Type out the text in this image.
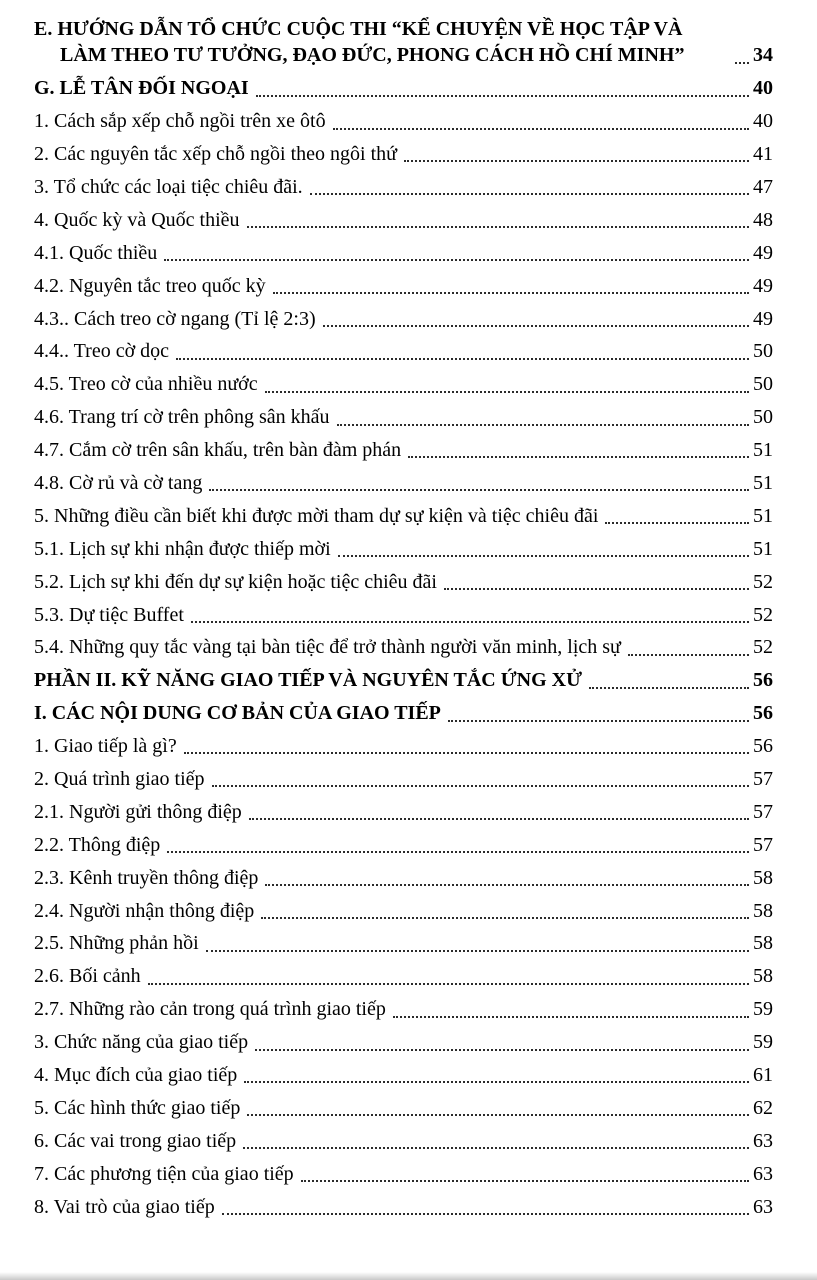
E. HƯỚNG DẪN TỔ CHỨC CUỘC THI “KỂ CHUYỆN VỀ HỌC TẬP VÀ LÀM THEO TƯ TƯỞNG, ĐẠO ĐỨC, PHONG CÁCH HỒ CHÍ MINH”	34
G. LỄ TÂN ĐỐI NGOẠI	40
1. Cách sắp xếp chỗ ngồi trên xe ôtô	40
2. Các nguyên tắc xếp chỗ ngồi theo ngôi thứ	41
3. Tổ chức các loại tiệc chiêu đãi.	47
4. Quốc kỳ và Quốc thiều	48
4.1. Quốc thiều	49
4.2. Nguyên tắc treo quốc kỳ	49
4.3.. Cách treo cờ ngang (Tỉ lệ 2:3)	49
4.4.. Treo cờ dọc	50
4.5. Treo cờ của nhiều nước	50
4.6. Trang trí cờ trên phông sân khấu	50
4.7. Cắm cờ trên sân khấu, trên bàn đàm phán	51
4.8. Cờ rủ và cờ tang	51
5. Những điều cần biết khi được mời tham dự sự kiện và tiệc chiêu đãi	51
5.1. Lịch sự khi nhận được thiếp mời	51
5.2. Lịch sự khi đến dự sự kiện hoặc tiệc chiêu đãi	52
5.3. Dự tiệc Buffet	52
5.4. Những quy tắc vàng tại bàn tiệc để trở thành người văn minh, lịch sự	52
PHẦN II. KỸ NĂNG GIAO TIẾP VÀ NGUYÊN TẮC ỨNG XỬ	56
I. CÁC NỘI DUNG CƠ BẢN CỦA GIAO TIẾP	56
1. Giao tiếp là gì?	56
2. Quá trình giao tiếp	57
2.1. Người gửi thông điệp	57
2.2. Thông điệp	57
2.3. Kênh truyền thông điệp	58
2.4. Người nhận thông điệp	58
2.5. Những phản hồi	58
2.6. Bối cảnh	58
2.7. Những rào cản trong quá trình giao tiếp	59
3. Chức năng của giao tiếp	59
4. Mục đích của giao tiếp	61
5. Các hình thức giao tiếp	62
6. Các vai trong giao tiếp	63
7. Các phương tiện của giao tiếp	63
8. Vai trò của giao tiếp	63
